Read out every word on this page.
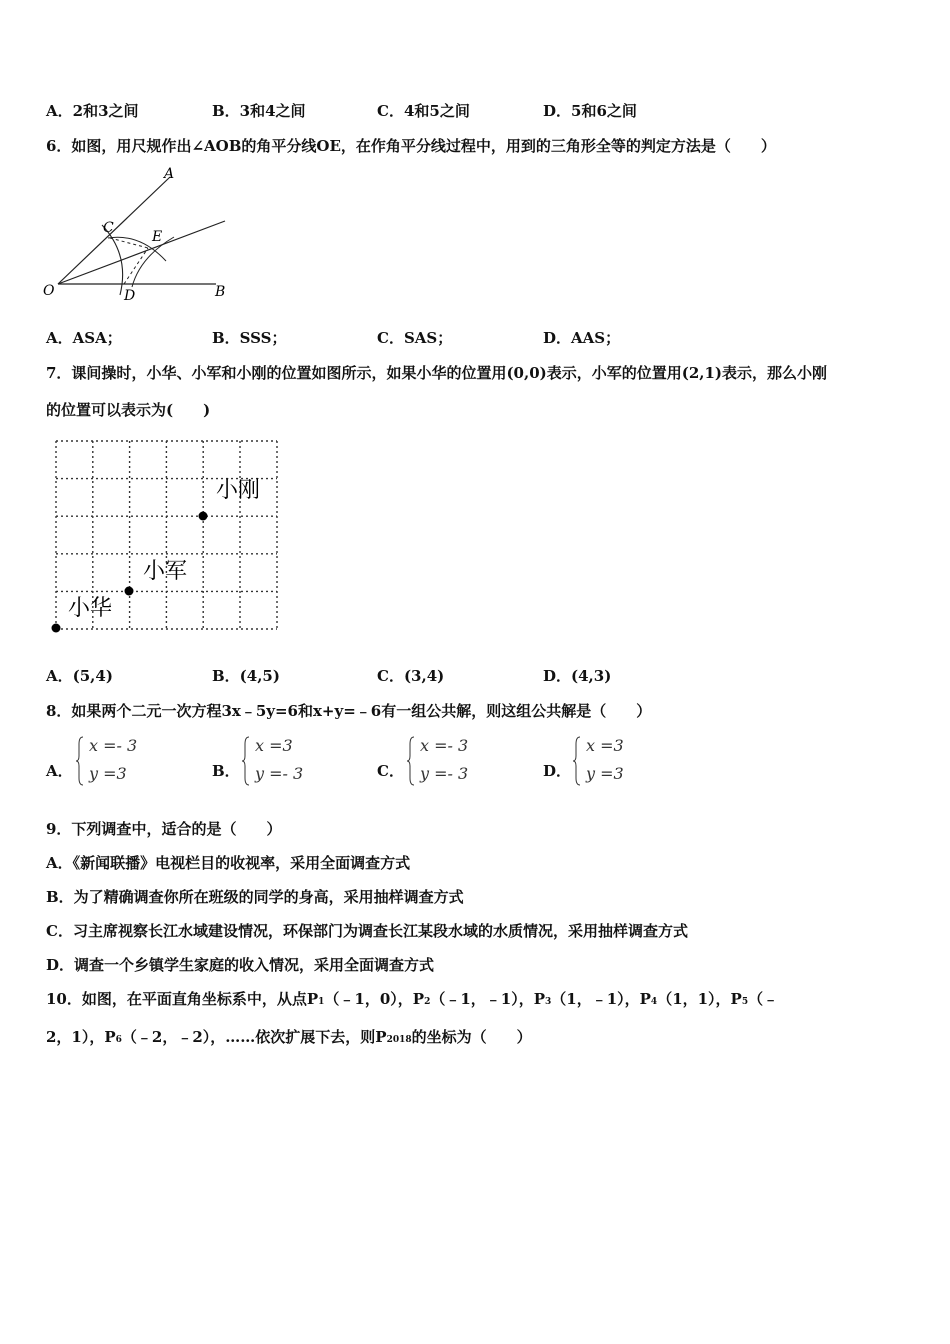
A．2和3之间	B．3和4之间	C．4和5之间	D．5和6之间
6．如图，用尺规作出∠AOB的角平分线OE，在作角平分线过程中，用到的三角形全等的判定方法是（　　）
A
B
C
D
E
O
A．ASA；	B．SSS；	C．SAS；	D．AAS；
7．课间操时，小华、小军和小刚的位置如图所示，如果小华的位置用(0,0)表示，小军的位置用(2,1)表示，那么小刚
的位置可以表示为(　　)
小刚
小军
小华
A．(5,4)	B．(4,5)	C．(3,4)	D．(4,3)
8．如果两个二元一次方程3x﹣5y=6和x+y=﹣6有一组公共解，则这组公共解是（　　）
A．
x =- 3
y =3	B．
x =3
y =- 3	C．
x =- 3
y =- 3	D．
x =3
y =3
9．下列调查中，适合的是（　　）
A．《新闻联播》电视栏目的收视率，采用全面调查方式
B．为了精确调查你所在班级的同学的身高，采用抽样调查方式
C．习主席视察长江水域建设情况，环保部门为调查长江某段水域的水质情况，采用抽样调查方式
D．调查一个乡镇学生家庭的收入情况，采用全面调查方式
10．如图，在平面直角坐标系中，从点P1（﹣1，0），P2（﹣1，﹣1），P3（1，﹣1），P4（1，1），P5（﹣
2，1），P6（﹣2，﹣2），……依次扩展下去，则P2018的坐标为（　　）
